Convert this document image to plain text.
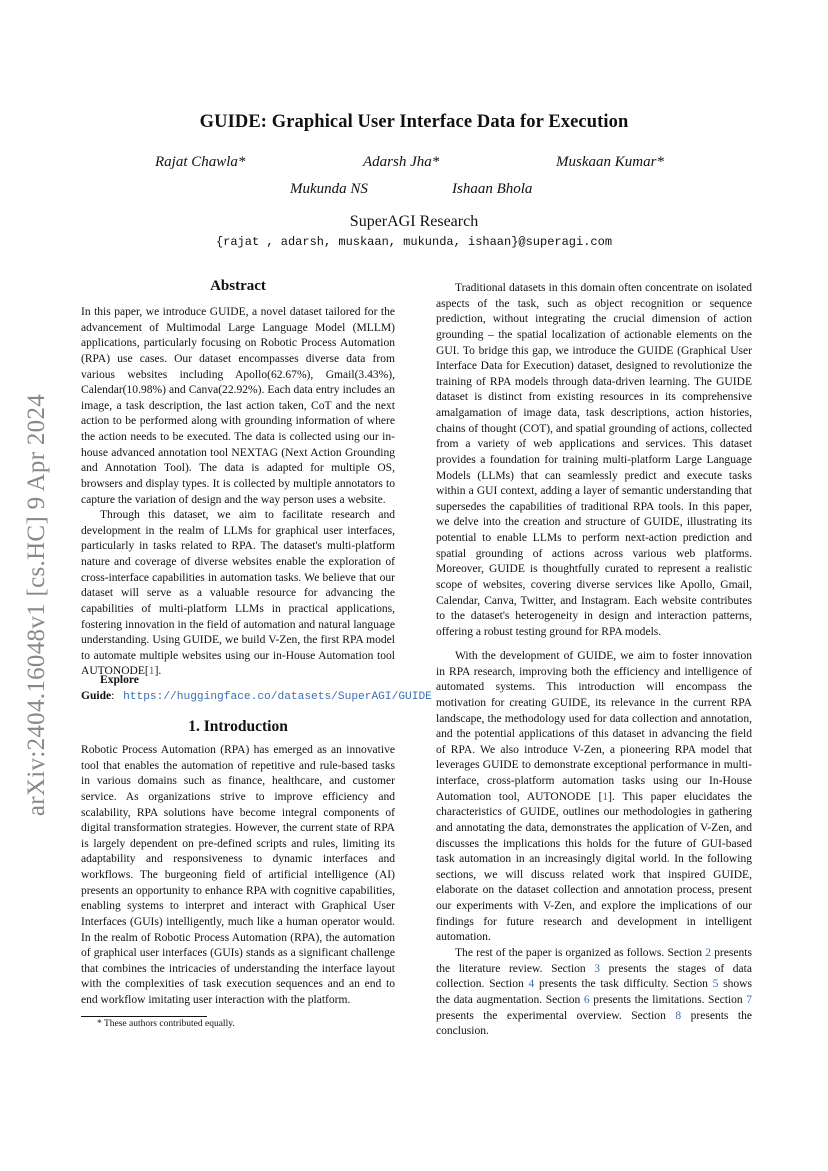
arXiv:2404.16048v1 [cs.HC] 9 Apr 2024
GUIDE: Graphical User Interface Data for Execution
Rajat Chawla*	Adarsh Jha*	Muskaan Kumar*
Mukunda NS	Ishaan Bhola
SuperAGI Research
{rajat , adarsh, muskaan, mukunda, ishaan}@superagi.com
Abstract

In this paper, we introduce GUIDE, a novel dataset tailored for the advancement of Multimodal Large Language Model (MLLM) applications, particularly focusing on Robotic Process Automation (RPA) use cases. Our dataset encompasses diverse data from various websites including Apollo(62.67%), Gmail(3.43%), Calendar(10.98%) and Canva(22.92%). Each data entry includes an image, a task description, the last action taken, CoT and the next action to be performed along with grounding information of where the action needs to be executed. The data is collected using our in-house advanced annotation tool NEXTAG (Next Action Grounding and Annotation Tool). The data is adapted for multiple OS, browsers and display types. It is collected by multiple annotators to capture the variation of design and the way person uses a website.

Through this dataset, we aim to facilitate research and development in the realm of LLMs for graphical user interfaces, particularly in tasks related to RPA. The dataset's multi-platform nature and coverage of diverse websites enable the exploration of cross-interface capabilities in automation tasks. We believe that our dataset will serve as a valuable resource for advancing the capabilities of multi-platform LLMs in practical applications, fostering innovation in the field of automation and natural language understanding. Using GUIDE, we build V-Zen, the first RPA model to automate multiple websites using our in-House Automation tool AUTONODE[1].

Explore Guide: https://huggingface.co/datasets/SuperAGI/GUIDE
1. Introduction

Robotic Process Automation (RPA) has emerged as an innovative tool that enables the automation of repetitive and rule-based tasks in various domains such as finance, healthcare, and customer service. As organizations strive to improve efficiency and scalability, RPA solutions have become integral components of digital transformation strategies. However, the current state of RPA is largely dependent on pre-defined scripts and rules, limiting its adaptability and responsiveness to dynamic interfaces and workflows. The burgeoning field of artificial intelligence (AI) presents an opportunity to enhance RPA with cognitive capabilities, enabling systems to interpret and interact with Graphical User Interfaces (GUIs) intelligently, much like a human operator would. In the realm of Robotic Process Automation (RPA), the automation of graphical user interfaces (GUIs) stands as a significant challenge that combines the intricacies of understanding the interface layout with the complexities of task execution sequences and an end to end workflow imitating user interaction with the platform.

* These authors contributed equally.

Traditional datasets in this domain often concentrate on isolated aspects of the task, such as object recognition or sequence prediction, without integrating the crucial dimension of action grounding – the spatial localization of actionable elements on the GUI. To bridge this gap, we introduce the GUIDE (Graphical User Interface Data for Execution) dataset, designed to revolutionize the training of RPA models through data-driven learning. The GUIDE dataset is distinct from existing resources in its comprehensive amalgamation of image data, task descriptions, action histories, chains of thought (COT), and spatial grounding of actions, collected from a variety of web applications and services. This dataset provides a foundation for training multi-platform Large Language Models (LLMs) that can seamlessly predict and execute tasks within a GUI context, adding a layer of semantic understanding that supersedes the capabilities of traditional RPA tools. In this paper, we delve into the creation and structure of GUIDE, illustrating its potential to enable LLMs to perform next-action prediction and spatial grounding of actions across various web platforms. Moreover, GUIDE is thoughtfully curated to represent a realistic scope of websites, covering diverse services like Apollo, Gmail, Calendar, Canva, Twitter, and Instagram. Each website contributes to the dataset's heterogeneity in design and interaction patterns, offering a robust testing ground for RPA models.

With the development of GUIDE, we aim to foster innovation in RPA research, improving both the efficiency and intelligence of automated systems. This introduction will encompass the motivation for creating GUIDE, its relevance in the current RPA landscape, the methodology used for data collection and annotation, and the potential applications of this dataset in advancing the field of RPA. We also introduce V-Zen, a pioneering RPA model that leverages GUIDE to demonstrate exceptional performance in multi-interface, cross-platform automation tasks using our In-House Automation tool, AUTONODE [1]. This paper elucidates the characteristics of GUIDE, outlines our methodologies in gathering and annotating the data, demonstrates the application of V-Zen, and discusses the implications this holds for the future of GUI-based task automation in an increasingly digital world. In the following sections, we will discuss related work that inspired GUIDE, elaborate on the dataset collection and annotation process, present our experiments with V-Zen, and explore the implications of our findings for future research and development in intelligent automation.

The rest of the paper is organized as follows. Section 2 presents the literature review. Section 3 presents the stages of data collection. Section 4 presents the task difficulty. Section 5 shows the data augmentation. Section 6 presents the limitations. Section 7 presents the experimental overview. Section 8 presents the conclusion.
